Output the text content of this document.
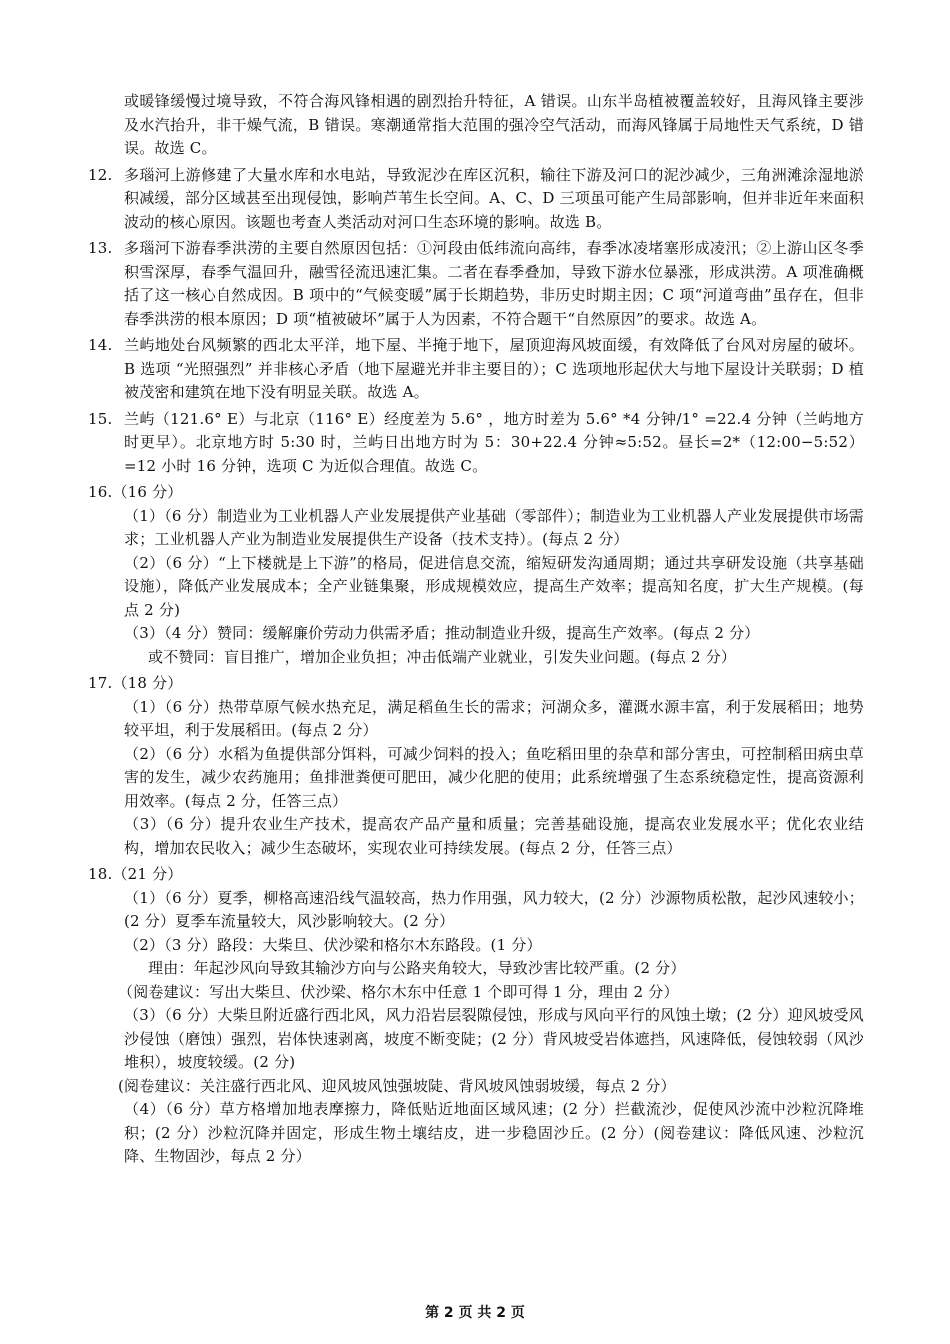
或暖锋缓慢过境导致，不符合海风锋相遇的剧烈抬升特征，A 错误。山东半岛植被覆盖较好，且海风锋主要涉及水汽抬升，非干燥气流，B 错误。寒潮通常指大范围的强冷空气活动，而海风锋属于局地性天气系统，D 错误。故选 C。

12. 多瑙河上游修建了大量水库和水电站，导致泥沙在库区沉积，输往下游及河口的泥沙减少，三角洲滩涂湿地淤积减缓，部分区域甚至出现侵蚀，影响芦苇生长空间。A、C、D 三项虽可能产生局部影响，但并非近年来面积波动的核心原因。该题也考查人类活动对河口生态环境的影响。故选 B。
13. 多瑙河下游春季洪涝的主要自然原因包括：①河段由低纬流向高纬，春季冰凌堵塞形成凌汛；②上游山区冬季积雪深厚，春季气温回升，融雪径流迅速汇集。二者在春季叠加，导致下游水位暴涨，形成洪涝。A 项准确概括了这一核心自然成因。B 项中的“气候变暖”属于长期趋势，非历史时期主因；C 项“河道弯曲”虽存在，但非春季洪涝的根本原因；D 项“植被破坏”属于人为因素，不符合题干“自然原因”的要求。故选 A。
14. 兰屿地处台风频繁的西北太平洋，地下屋、半掩于地下，屋顶迎海风坡面缓，有效降低了台风对房屋的破坏。B 选项 “光照强烈” 并非核心矛盾（地下屋避光并非主要目的）；C 选项地形起伏大与地下屋设计关联弱；D 植被茂密和建筑在地下没有明显关联。故选 A。
15. 兰屿（121.6° E）与北京（116° E）经度差为 5.6° ，地方时差为 5.6° *4 分钟/1° =22.4 分钟（兰屿地方时更早）。北京地方时 5:30 时，兰屿日出地方时为 5：30+22.4 分钟≈5:52。昼长=2*（12:00−5:52）=12 小时 16 分钟，选项 C 为近似合理值。故选 C。

16.（16 分）

（1）（6 分）制造业为工业机器人产业发展提供产业基础（零部件）；制造业为工业机器人产业发展提供市场需求；工业机器人产业为制造业发展提供生产设备（技术支持）。(每点 2 分）

（2）（6 分）“上下楼就是上下游”的格局，促进信息交流，缩短研发沟通周期；通过共享研发设施（共享基础设施），降低产业发展成本；全产业链集聚，形成规模效应，提高生产效率；提高知名度，扩大生产规模。(每点 2 分)

（3）（4 分）赞同：缓解廉价劳动力供需矛盾；推动制造业升级，提高生产效率。(每点 2 分）

或不赞同：盲目推广，增加企业负担；冲击低端产业就业，引发失业问题。(每点 2 分）

17.（18 分）

（1）（6 分）热带草原气候水热充足，满足稻鱼生长的需求；河湖众多，灌溉水源丰富，利于发展稻田；地势较平坦，利于发展稻田。(每点 2 分）

（2）（6 分）水稻为鱼提供部分饵料，可减少饲料的投入；鱼吃稻田里的杂草和部分害虫，可控制稻田病虫草害的发生，减少农药施用；鱼排泄粪便可肥田，减少化肥的使用；此系统增强了生态系统稳定性，提高资源利用效率。(每点 2 分，任答三点）

（3）（6 分）提升农业生产技术，提高农产品产量和质量；完善基础设施，提高农业发展水平；优化农业结构，增加农民收入；减少生态破坏，实现农业可持续发展。(每点 2 分，任答三点）

18.（21 分）

（1）（6 分）夏季，柳格高速沿线气温较高，热力作用强，风力较大，(2 分）沙源物质松散，起沙风速较小；(2 分）夏季车流量较大，风沙影响较大。(2 分）

（2）（3 分）路段：大柴旦、伏沙梁和格尔木东路段。(1 分）

理由：年起沙风向导致其输沙方向与公路夹角较大，导致沙害比较严重。(2 分）

（阅卷建议：写出大柴旦、伏沙梁、格尔木东中任意 1 个即可得 1 分，理由 2 分）

（3）（6 分）大柴旦附近盛行西北风，风力沿岩层裂隙侵蚀，形成与风向平行的风蚀土墩；(2 分）迎风坡受风沙侵蚀（磨蚀）强烈，岩体快速剥离，坡度不断变陡；(2 分）背风坡受岩体遮挡，风速降低，侵蚀较弱（风沙堆积），坡度较缓。(2 分)

(阅卷建议：关注盛行西北风、迎风坡风蚀强坡陡、背风坡风蚀弱坡缓，每点 2 分）

（4）（6 分）草方格增加地表摩擦力，降低贴近地面区域风速；(2 分）拦截流沙，促使风沙流中沙粒沉降堆积；(2 分）沙粒沉降并固定，形成生物土壤结皮，进一步稳固沙丘。(2 分）(阅卷建议：降低风速、沙粒沉降、生物固沙，每点 2 分）

第 2 页 共 2 页
